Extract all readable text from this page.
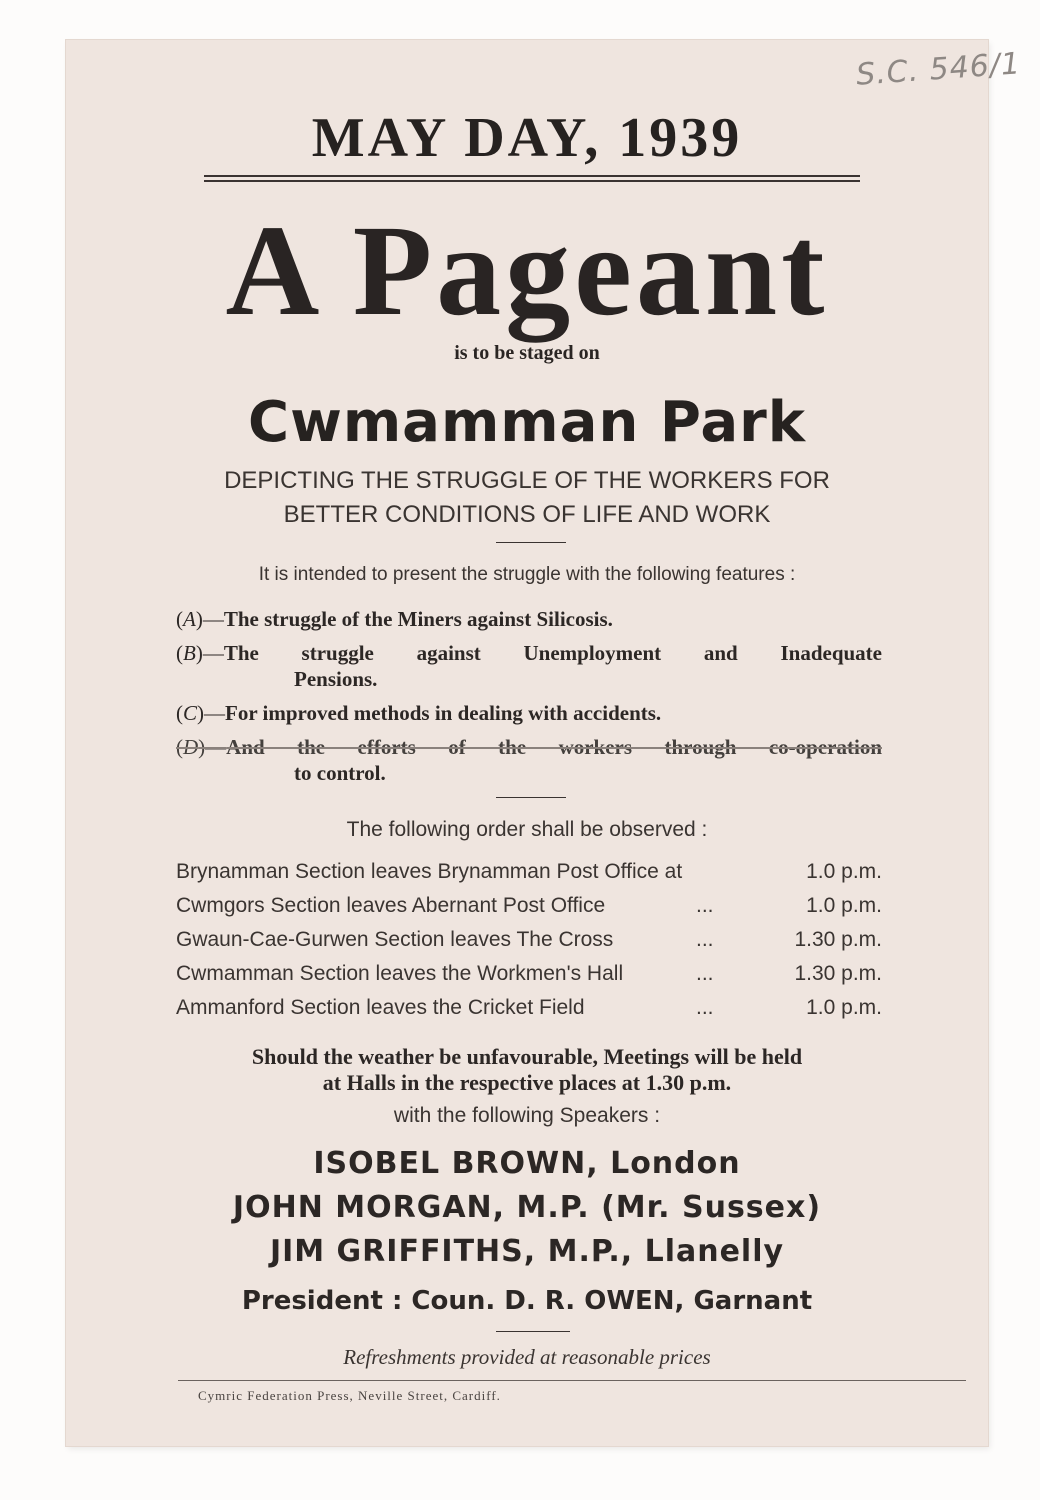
S.C. 546/1
MAY DAY, 1939
A Pageant
is to be staged on
Cwmamman Park
DEPICTING THE STRUGGLE OF THE WORKERS FOR
BETTER CONDITIONS OF LIFE AND WORK
It is intended to present the struggle with the following features :
(A)—The struggle of the Miners against Silicosis.
(B)—The struggle against Unemployment and Inadequate
Pensions.
(C)—For improved methods in dealing with accidents.
(D)—And the efforts of the workers through co-operation
to control.
The following order shall be observed :
Brynamman Section leaves Brynamman Post Office at	1.0 p.m.
Cwmgors Section leaves Abernant Post Office	...	1.0 p.m.
Gwaun-Cae-Gurwen Section leaves The Cross	...	1.30 p.m.
Cwmamman Section leaves the Workmen's Hall	...	1.30 p.m.
Ammanford Section leaves the Cricket Field	...	1.0 p.m.
Should the weather be unfavourable, Meetings will be held
at Halls in the respective places at 1.30 p.m.
with the following Speakers :
ISOBEL BROWN, London
JOHN MORGAN, M.P. (Mr. Sussex)
JIM GRIFFITHS, M.P., Llanelly
President : Coun. D. R. OWEN, Garnant
Refreshments provided at reasonable prices
Cymric Federation Press, Neville Street, Cardiff.
